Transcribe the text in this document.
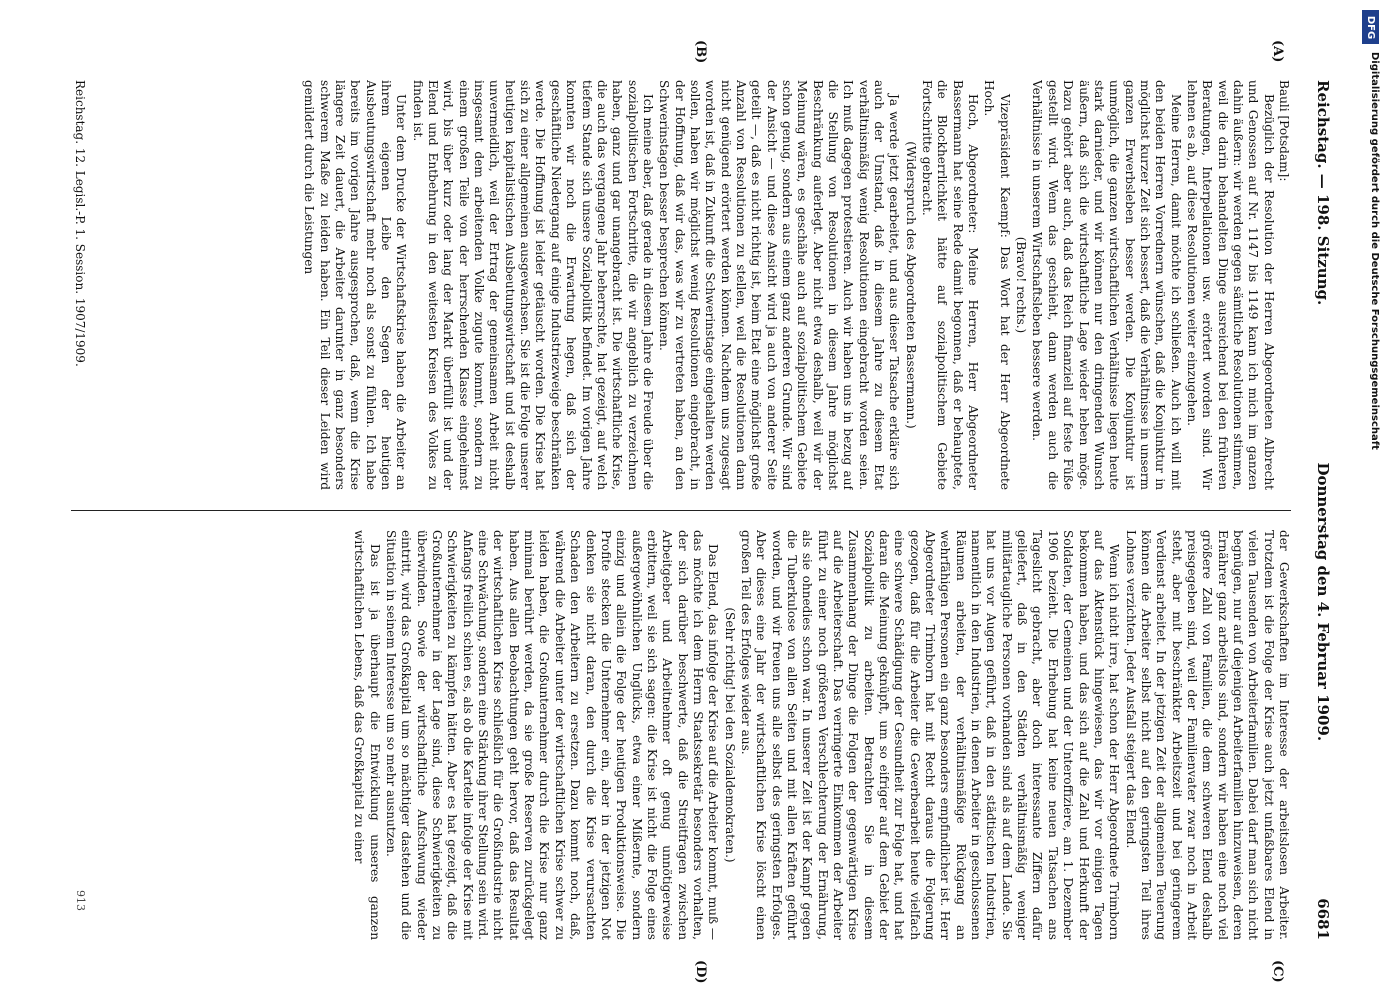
Reichstag. — 198. Sitzung.
Donnerstag den 4. Februar 1909.
6681
(A)
(B)
(C)
(D)

Bauli [Potsdam]:

Bezüglich der Resolution der Herren Abgeordneten Albrecht und Genossen auf Nr. 1147 bis 1149 kann ich mich im ganzen dahin äußern: wir werden gegen sämtliche Resolutionen stimmen, weil die darin behandelten Dinge ausreichend bei den früheren Beratungen, Interpellationen usw. erörtert worden sind. Wir lehnen es ab, auf diese Resolutionen weiter einzugehen.

Meine Herren, damit möchte ich schließen. Auch ich will mit den beiden Herren Vorrednern wünschen, daß die Konjunktur in möglichst kurzer Zeit sich bessert, daß die Verhältnisse in unserm ganzen Erwerbsleben besser werden. Die Konjunktur ist unmöglich, die ganzen wirtschaftlichen Verhältnisse liegen heute stark darnieder, und wir können nur den dringenden Wunsch äußern, daß sich die wirtschaftliche Lage wieder heben möge. Dazu gehört aber auch, daß das Reich finanziell auf feste Füße gestellt wird. Wenn das geschieht, dann werden auch die Verhältnisse in unserem Wirtschaftsleben bessere werden.

(Bravo! rechts.)

Vizepräsident Kaempf: Das Wort hat der Herr Abgeordnete Hoch.

Hoch, Abgeordneter: Meine Herren, Herr Abgeordneter Bassermann hat seine Rede damit begonnen, daß er behauptete, die Blockherrlichkeit hätte auf sozialpolitischem Gebiete Fortschritte gebracht.

(Widerspruch des Abgeordneten Bassermann.)

Ja werde jetzt gearbeitet, und aus dieser Tatsache erkläre sich auch der Umstand, daß in diesem Jahre zu diesem Etat verhältnismäßig wenig Resolutionen eingebracht worden seien. Ich muß dagegen protestieren. Auch wir haben uns in bezug auf die Stellung von Resolutionen in diesem Jahre möglichst Beschränkung auferlegt. Aber nicht etwa deshalb, weil wir der Meinung wären, es geschähe auch auf sozialpolitischem Gebiete schon genug, sondern aus einem ganz anderen Grunde. Wir sind der Ansicht — und diese Ansicht wird ja auch von anderer Seite geteilt —, daß es nicht richtig ist, beim Etat eine möglichst große Anzahl von Resolutionen zu stellen, weil die Resolutionen dann nicht genügend erörtert werden können. Nachdem uns zugesagt worden ist, daß in Zukunft die Schwerinstage eingehalten werden sollen, haben wir möglichst wenig Resolutionen eingebracht, in der Hoffnung, daß wir das, was wir zu vertreten haben, an den Schwerinstagen besser besprechen können.

Ich meine aber, daß gerade in diesem Jahre die Freude über die sozialpolitischen Fortschritte, die wir angeblich zu verzeichnen haben, ganz und gar unangebracht ist. Die wirtschaftliche Krise, die auch das vergangene Jahr beherrschte, hat gezeigt, auf welch tiefem Stande sich unsere Sozialpolitik befindet. Im vorigen Jahre konnten wir noch die Erwartung hegen, daß sich der geschäftliche Niedergang auf einige Industriezweige beschränken werde. Die Hoffnung ist leider getäuscht worden. Die Krise hat sich zu einer allgemeinen ausgewachsen. Sie ist die Folge unserer heutigen kapitalistischen Ausbeutungswirtschaft und ist deshalb unvermeidlich, weil der Ertrag der gemeinsamen Arbeit nicht insgesamt dem arbeitenden Volke zugute kommt, sondern zu einem großen Teile von der herrschenden Klasse eingeheimst wird, bis über kurz oder lang der Markt überfüllt ist und der Elend und Entbehrung in den weitesten Kreisen des Volkes zu finden ist.

Unter dem Drucke der Wirtschaftskrise haben die Arbeiter an ihrem eigenen Leibe den Segen der heutigen Ausbeutungswirtschaft mehr noch als sonst zu fühlen. Ich habe bereits im vorigen Jahre ausgesprochen, daß, wenn die Krise längere Zeit dauert, die Arbeiter darunter in ganz besonders schwerem Maße zu leiden haben. Ein Teil dieser Leiden wird gemildert durch die Leistungen

der Gewerkschaften im Interesse der arbeitslosen Arbeiter. Trotzdem ist die Folge der Krise auch jetzt unfaßbares Elend in vielen Tausenden von Arbeiterfamilien. Dabei darf man sich nicht begnügen, nur auf diejenigen Arbeiterfamilien hinzuweisen, deren Ernährer ganz arbeitslos sind, sondern wir haben eine noch viel größere Zahl von Familien, die dem schweren Elend deshalb preisgegeben sind, weil der Familienvater zwar noch in Arbeit steht, aber mit beschränkter Arbeitszeit und bei geringerem Verdienst arbeitet. In der jetzigen Zeit der allgemeinen Teuerung können die Arbeiter selbst nicht auf den geringsten Teil ihres Lohnes verzichten. Jeder Ausfall steigert das Elend.

Wenn ich nicht irre, hat schon der Herr Abgeordnete Trimborn auf das Aktenstück hingewiesen, das wir vor einigen Tagen bekommen haben, und das sich auf die Zahl und Herkunft der Soldaten, der Gemeinen und der Unteroffiziere, am 1. Dezember 1906 bezieht. Die Erhebung hat keine neuen Tatsachen ans Tageslicht gebracht, aber doch interessante Ziffern dafür geliefert, daß in den Städten verhältnismäßig weniger militärtaugliche Personen vorhanden sind als auf dem Lande. Sie hat uns vor Augen geführt, daß in den städtischen Industrien, namentlich in den Industrien, in denen Arbeiter in geschlossenen Räumen arbeiten, der verhältnismäßige Rückgang an wehrfähigen Personen ein ganz besonders empfindlicher ist. Herr Abgeordneter Trimborn hat mit Recht daraus die Folgerung gezogen, daß für die Arbeiter die Gewerbearbeit heute vielfach eine schwere Schädigung der Gesundheit zur Folge hat, und hat daran die Meinung geknüpft, um so eifriger auf dem Gebiet der Sozialpolitik zu arbeiten. Betrachten Sie in diesem Zusammenhang der Dinge die Folgen der gegenwärtigen Krise auf die Arbeiterschaft. Das verringerte Einkommen der Arbeiter führt zu einer noch größeren Verschlechterung der Ernährung, als sie ohnedies schon war. In unserer Zeit ist der Kampf gegen die Tuberkulose von allen Seiten und mit allen Kräften geführt worden, und wir freuen uns alle selbst des geringsten Erfolges. Aber dieses eine Jahr der wirtschaftlichen Krise löscht einen großen Teil des Erfolges wieder aus.

(Sehr richtig! bei den Sozialdemokraten.)

Das Elend, das infolge der Krise auf die Arbeiter kommt, muß — das möchte ich dem Herrn Staatssekretär besonders vorhalten, der sich darüber beschwerte, daß die Streitfragen zwischen Arbeitgeber und Arbeitnehmer oft genug unnötigerweise erbittern, weil sie sich sagen: die Krise ist nicht die Folge eines außergewöhnlichen Unglücks, etwa einer Mißernte, sondern einzig und allein die Folge der heutigen Produktionsweise. Die Profite stecken die Unternehmer ein, aber in der jetzigen Not denken sie nicht daran, den durch die Krise verursachten Schaden den Arbeitern zu ersetzen. Dazu kommt noch, daß, während die Arbeiter unter der wirtschaftlichen Krise schwer zu leiden haben, die Großunternehmer durch die Krise nur ganz minimal berührt werden, da sie große Reserven zurückgelegt haben. Aus allen Beobachtungen geht hervor, daß das Resultat der wirtschaftlichen Krise schließlich für die Großindustrie nicht eine Schwächung, sondern eine Stärkung ihrer Stellung sein wird. Anfangs freilich schien es, als ob die Kartelle infolge der Krise mit Schwierigkeiten zu kämpfen hätten. Aber es hat gezeigt, daß die Großunternehmer in der Lage sind, diese Schwierigkeiten zu überwinden. Sowie der wirtschaftliche Aufschwung wieder eintritt, wird das Großkapital um so mächtiger dastehen und die Situation in seinem Interesse um so mehr ausnutzen.

Das ist ja überhaupt die Entwicklung unseres ganzen wirtschaftlichen Lebens, daß das Großkapital zu einer

Reichstag. 12. Legisl.-P. 1. Session. 1907/1909.
913
DFG
Digitalisierung gefördert durch die Deutsche Forschungsgemeinschaft
